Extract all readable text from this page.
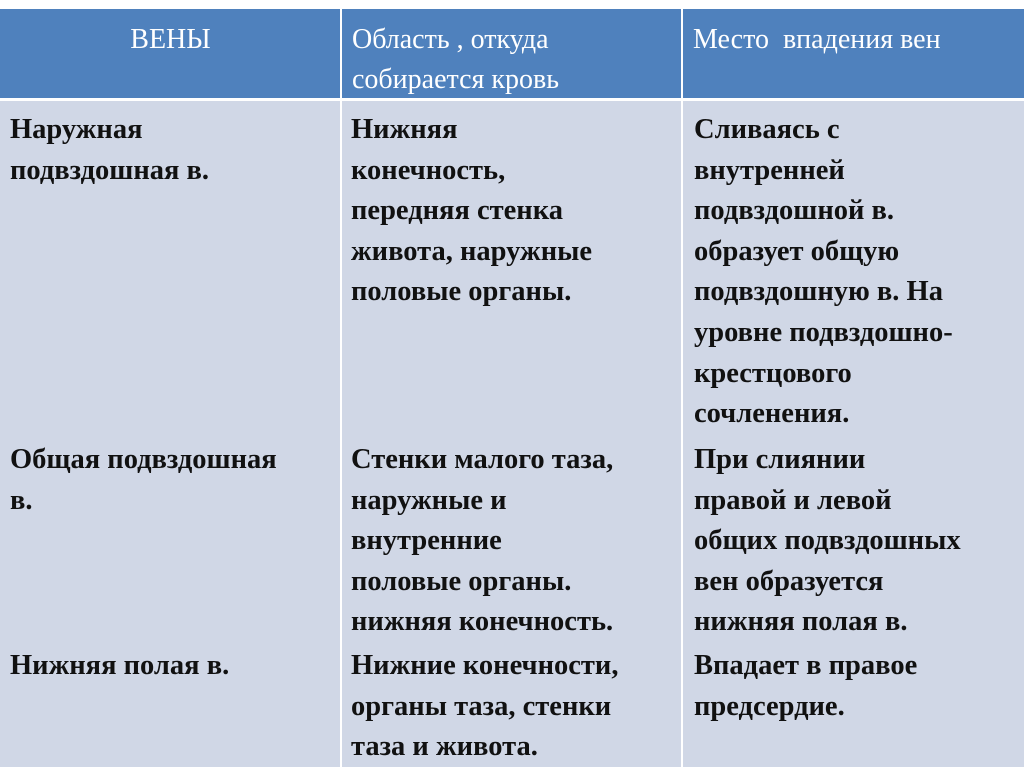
ВЕНЫ	Область , откуда
собирается кровь
Место  впадения вен
Наружная
подвздошная в.
Нижняя
конечность,
передняя стенка
живота, наружные
половые органы.
Сливаясь с
внутренней
подвздошной в.
образует общую
подвздошную в. На
уровне подвздошно-
крестцового
сочленения.
Общая подвздошная
в.
Стенки малого таза,
наружные и
внутренние
половые органы.
нижняя конечность.
При слиянии
правой и левой
общих подвздошных
вен образуется
нижняя полая в.
Нижняя полая в.	Нижние конечности,
органы таза, стенки
таза и живота.
Впадает в правое
предсердие.
